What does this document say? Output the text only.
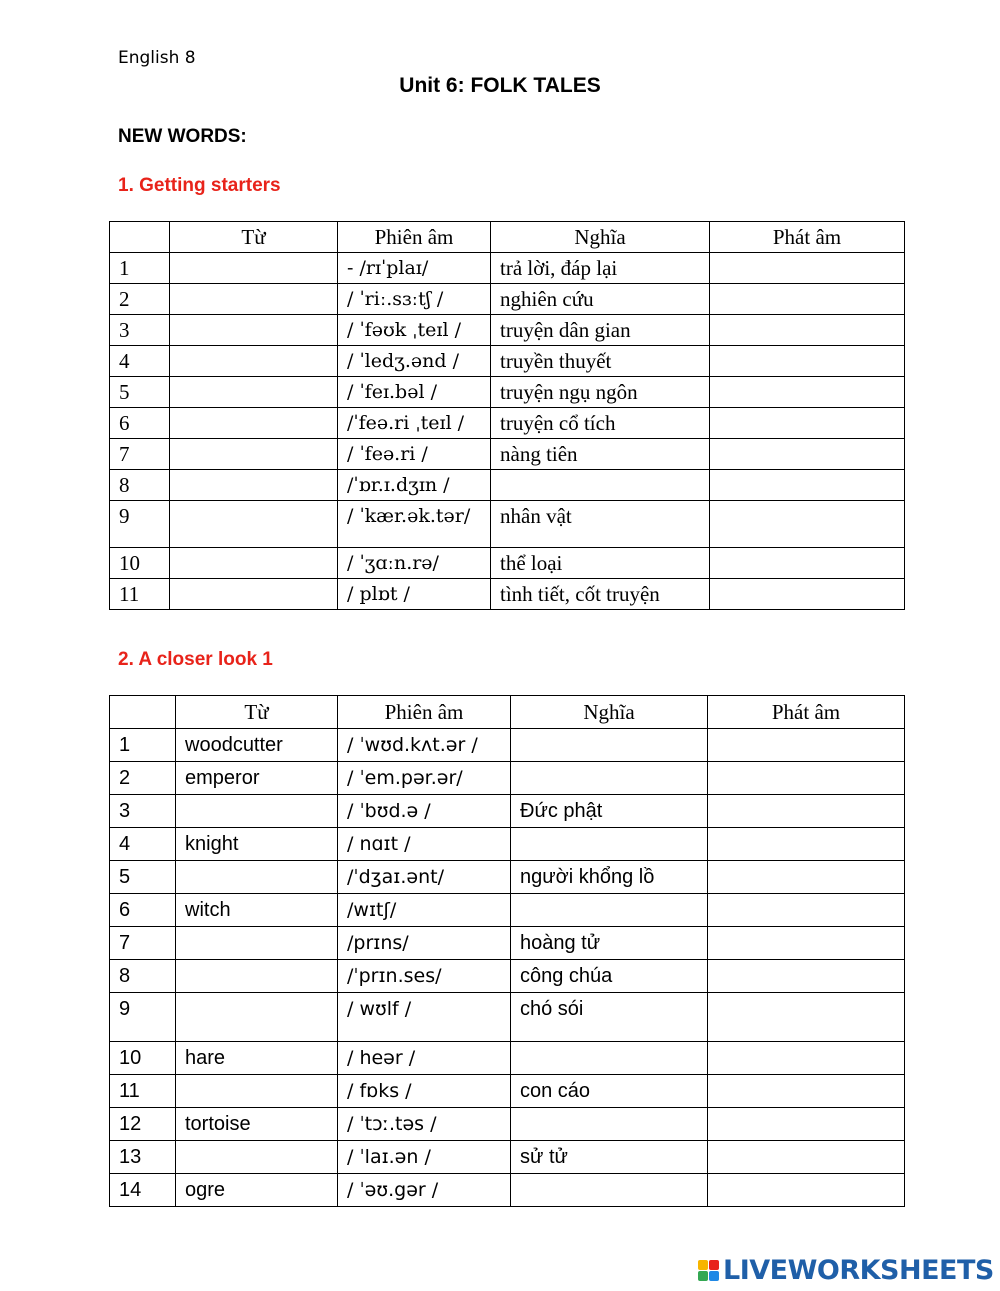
English 8
Unit 6: FOLK TALES
NEW WORDS:
1. Getting starters
	Từ	Phiên âm	Nghĩa	Phát âm
1		- /rɪˈplaɪ/	trả lời, đáp lại	
2		/ ˈriː.sɜːtʃ /	nghiên cứu	
3		/ ˈfəʊk ˌteɪl /	truyện dân gian	
4		/ ˈledʒ.ənd /	truyền thuyết	
5		/ ˈfeɪ.bəl /	truyện ngụ ngôn	
6		/ˈfeə.ri ˌteɪl /	truyện cổ tích	
7		/ ˈfeə.ri /	nàng tiên	
8		/ˈɒr.ɪ.dʒɪn /		
9		/ ˈkær.ək.tər/	nhân vật	
10		/ ˈʒɑːn.rə/	thể loại	
11		/ plɒt /	tình tiết, cốt truyện	
2. A closer look 1
	Từ	Phiên âm	Nghĩa	Phát âm
1	woodcutter	/ ˈwʊd.kʌt.ər /		
2	emperor	/ ˈem.pər.ər/		
3		/ ˈbʊd.ə /	Đức phật	
4	knight	/ nɑɪt /		
5		/ˈdʒaɪ.ənt/	người khổng lồ	
6	witch	/wɪtʃ/		
7		/prɪns/	hoàng tử	
8		/ˈprɪn.ses/	công chúa	
9		/ wʊlf /	chó sói	
10	hare	/ heər /		
11		/ fɒks /	con cáo	
12	tortoise	/ ˈtɔː.təs /		
13		/ ˈlaɪ.ən /	sử tử	
14	ogre	/ ˈəʊ.gər /		
LIVEWORKSHEETS
